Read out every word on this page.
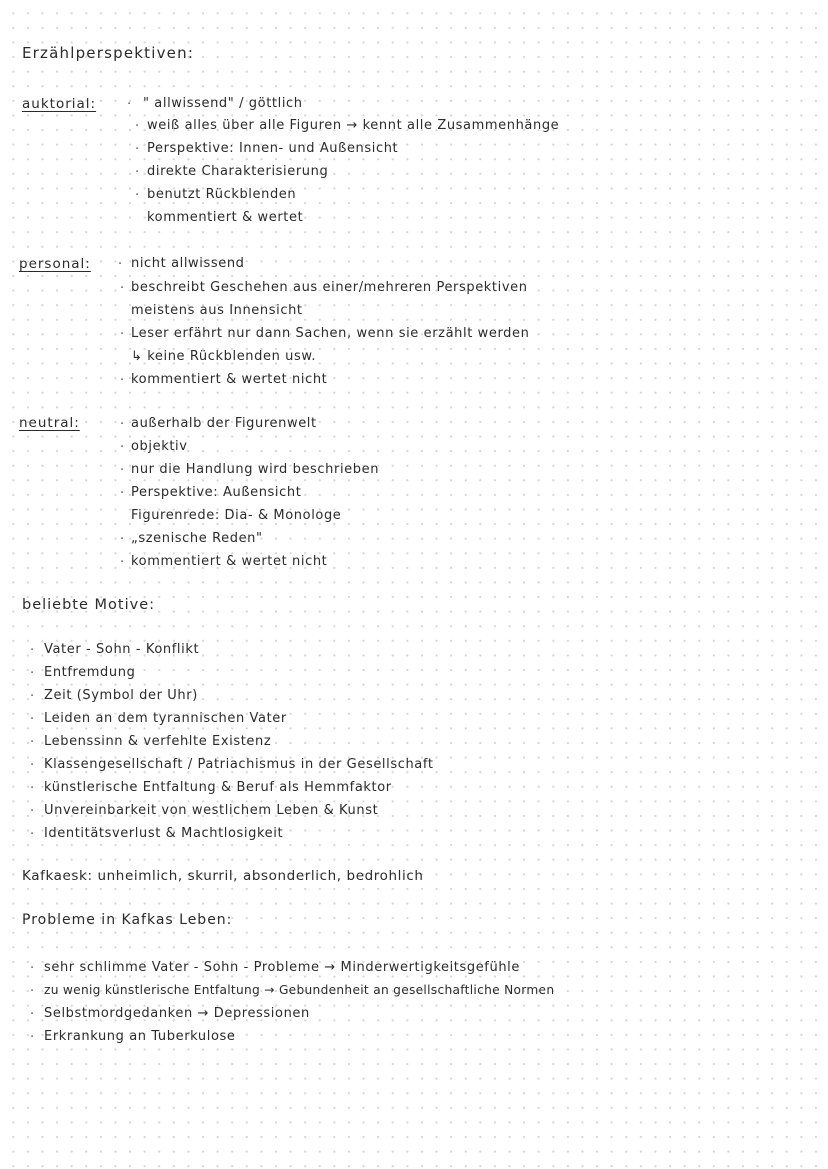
Erzählperspektiven:
auktorial: · " allwissend" / göttlich
· weiß alles über alle Figuren → kennt alle Zusammenhänge
· Perspektive: Innen- und Außensicht
· direkte Charakterisierung
· benutzt Rückblenden
kommentiert & wertet
personal: · nicht allwissend
· beschreibt Geschehen aus einer/mehreren Perspektiven
meistens aus Innensicht
· Leser erfährt nur dann Sachen, wenn sie erzählt werden
↳ keine Rückblenden usw.
· kommentiert & wertet nicht
neutral:	· außerhalb der Figurenwelt
· objektiv
· nur die Handlung wird beschrieben
· Perspektive: Außensicht
Figurenrede: Dia- & Monologe
· „szenische Reden"
· kommentiert & wertet nicht
beliebte Motive:
· Vater - Sohn - Konflikt
· Entfremdung
· Zeit (Symbol der Uhr)
· Leiden an dem tyrannischen Vater
· Lebenssinn & verfehlte Existenz
· Klassengesellschaft / Patriachismus in der Gesellschaft
· künstlerische Entfaltung & Beruf als Hemmfaktor
· Unvereinbarkeit von westlichem Leben & Kunst
· Identitätsverlust & Machtlosigkeit
Kafkaesk: unheimlich, skurril, absonderlich, bedrohlich
Probleme in Kafkas Leben:
· sehr schlimme Vater - Sohn - Probleme → Minderwertigkeitsgefühle
· zu wenig künstlerische Entfaltung → Gebundenheit an gesellschaftliche Normen
· Selbstmordgedanken → Depressionen
· Erkrankung an Tuberkulose
